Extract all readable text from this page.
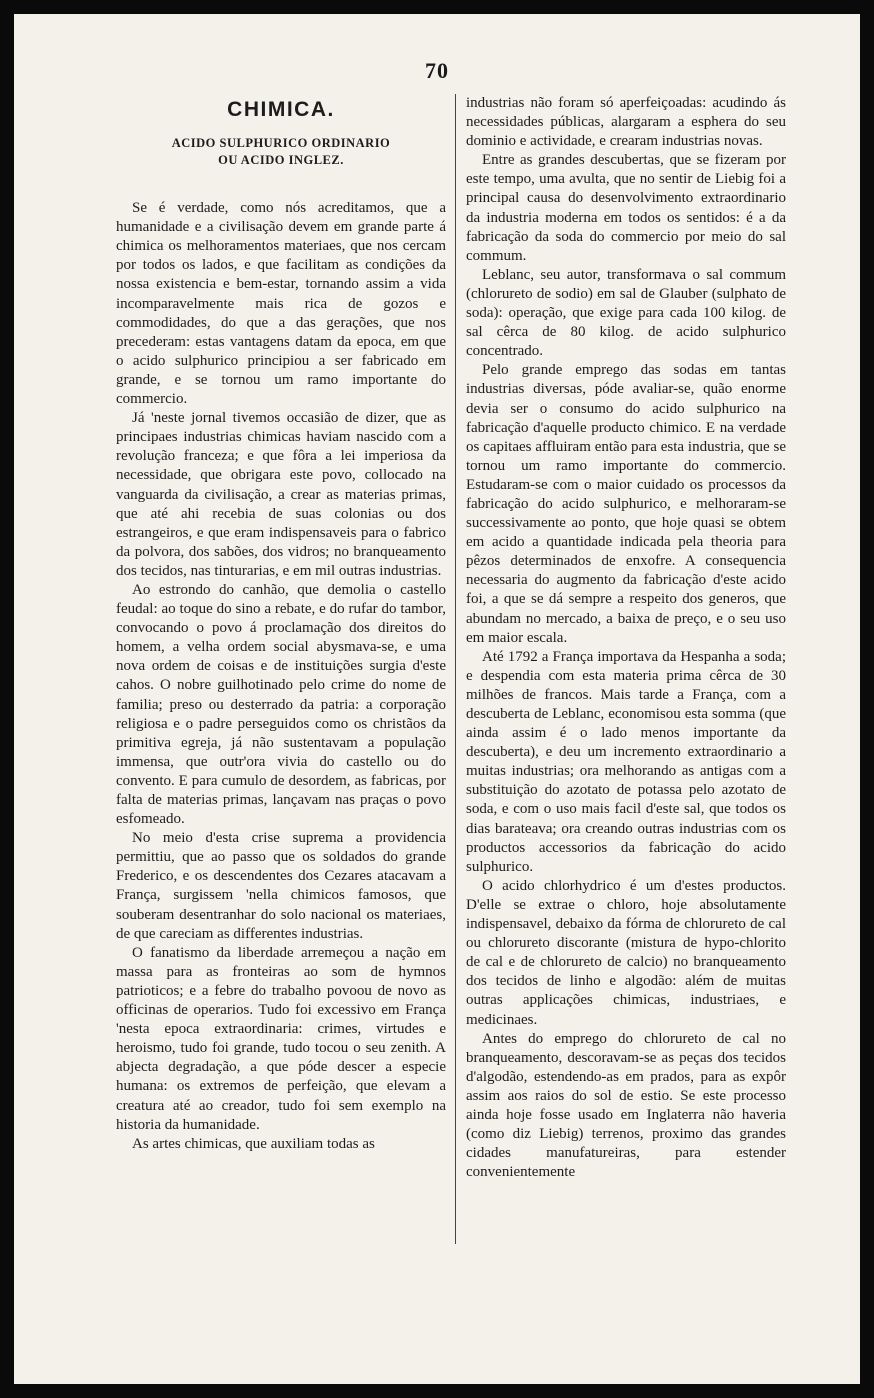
70
CHIMICA.
ACIDO SULPHURICO ORDINARIO
OU ACIDO INGLEZ.

Se é verdade, como nós acreditamos, que a humanidade e a civilisação devem em grande parte á chimica os melhoramentos materiaes, que nos cercam por todos os lados, e que facilitam as condições da nossa existencia e bem-estar, tornando assim a vida incomparavelmente mais rica de gozos e commodidades, do que a das gerações, que nos precederam: estas vantagens datam da epoca, em que o acido sulphurico principiou a ser fabricado em grande, e se tornou um ramo importante do commercio.

Já 'neste jornal tivemos occasião de dizer, que as principaes industrias chimicas haviam nascido com a revolução franceza; e que fôra a lei imperiosa da necessidade, que obrigara este povo, collocado na vanguarda da civilisação, a crear as materias primas, que até ahi recebia de suas colonias ou dos estrangeiros, e que eram indispensaveis para o fabrico da polvora, dos sabões, dos vidros; no branqueamento dos tecidos, nas tinturarias, e em mil outras industrias.

Ao estrondo do canhão, que demolia o castello feudal: ao toque do sino a rebate, e do rufar do tambor, convocando o povo á proclamação dos direitos do homem, a velha ordem social abysmava-se, e uma nova ordem de coisas e de instituições surgia d'este cahos. O nobre guilhotinado pelo crime do nome de familia; preso ou desterrado da patria: a corporação religiosa e o padre perseguidos como os christãos da primitiva egreja, já não sustentavam a população immensa, que outr'ora vivia do castello ou do convento. E para cumulo de desordem, as fabricas, por falta de materias primas, lançavam nas praças o povo esfomeado.

No meio d'esta crise suprema a providencia permittiu, que ao passo que os soldados do grande Frederico, e os descendentes dos Cezares atacavam a França, surgissem 'nella chimicos famosos, que souberam desentranhar do solo nacional os materiaes, de que careciam as differentes industrias.

O fanatismo da liberdade arremeçou a nação em massa para as fronteiras ao som de hymnos patrioticos; e a febre do trabalho povoou de novo as officinas de operarios. Tudo foi excessivo em França 'nesta epoca extraordinaria: crimes, virtudes e heroismo, tudo foi grande, tudo tocou o seu zenith. A abjecta degradação, a que póde descer a especie humana: os extremos de perfeição, que elevam a creatura até ao creador, tudo foi sem exemplo na historia da humanidade.

As artes chimicas, que auxiliam todas as

industrias não foram só aperfeiçoadas: acudindo ás necessidades públicas, alargaram a esphera do seu dominio e actividade, e crearam industrias novas.

Entre as grandes descubertas, que se fizeram por este tempo, uma avulta, que no sentir de Liebig foi a principal causa do desenvolvimento extraordinario da industria moderna em todos os sentidos: é a da fabricação da soda do commercio por meio do sal commum.

Leblanc, seu autor, transformava o sal commum (chlorureto de sodio) em sal de Glauber (sulphato de soda): operação, que exige para cada 100 kilog. de sal cêrca de 80 kilog. de acido sulphurico concentrado.

Pelo grande emprego das sodas em tantas industrias diversas, póde avaliar-se, quão enorme devia ser o consumo do acido sulphurico na fabricação d'aquelle producto chimico. E na verdade os capitaes affluiram então para esta industria, que se tornou um ramo importante do commercio. Estudaram-se com o maior cuidado os processos da fabricação do acido sulphurico, e melhoraram-se successivamente ao ponto, que hoje quasi se obtem em acido a quantidade indicada pela theoria para pêzos determinados de enxofre. A consequencia necessaria do augmento da fabricação d'este acido foi, a que se dá sempre a respeito dos generos, que abundam no mercado, a baixa de preço, e o seu uso em maior escala.

Até 1792 a França importava da Hespanha a soda; e despendia com esta materia prima cêrca de 30 milhões de francos. Mais tarde a França, com a descuberta de Leblanc, economisou esta somma (que ainda assim é o lado menos importante da descuberta), e deu um incremento extraordinario a muitas industrias; ora melhorando as antigas com a substituição do azotato de potassa pelo azotato de soda, e com o uso mais facil d'este sal, que todos os dias barateava; ora creando outras industrias com os productos accessorios da fabricação do acido sulphurico.

O acido chlorhydrico é um d'estes productos. D'elle se extrae o chloro, hoje absolutamente indispensavel, debaixo da fórma de chlorureto de cal ou chlorureto discorante (mistura de hypo-chlorito de cal e de chlorureto de calcio) no branqueamento dos tecidos de linho e algodão: além de muitas outras applicações chimicas, industriaes, e medicinaes.

Antes do emprego do chlorureto de cal no branqueamento, descoravam-se as peças dos tecidos d'algodão, estendendo-as em prados, para as expôr assim aos raios do sol de estio. Se este processo ainda hoje fosse usado em Inglaterra não haveria (como diz Liebig) terrenos, proximo das grandes cidades manufatureiras, para estender convenientemente
